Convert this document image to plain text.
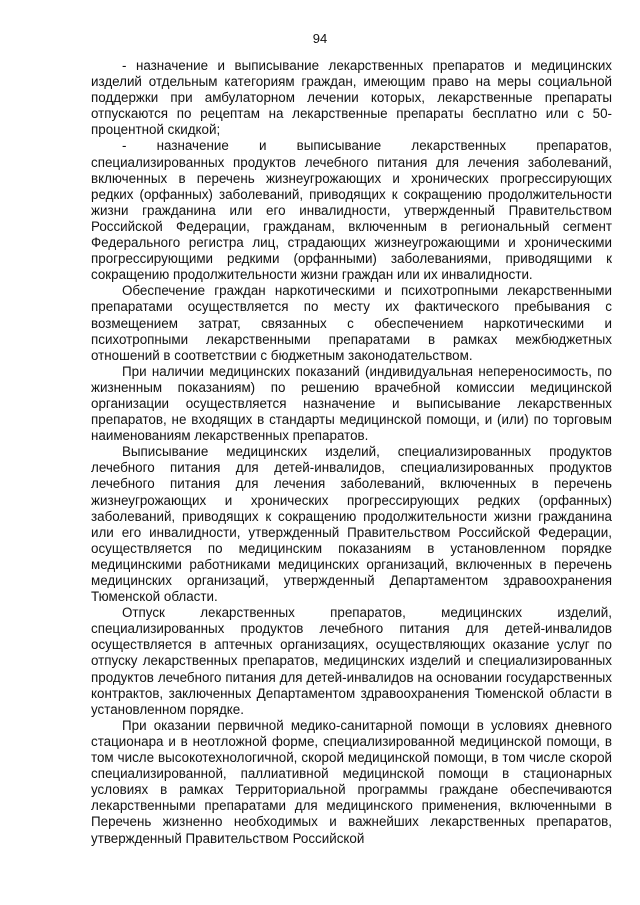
94

- назначение и выписывание лекарственных препаратов и медицинских изделий отдельным категориям граждан, имеющим право на меры социальной поддержки при амбулаторном лечении которых, лекарственные препараты отпускаются по рецептам на лекарственные препараты бесплатно или с 50-процентной скидкой;

- назначение и выписывание лекарственных препаратов, специализированных продуктов лечебного питания для лечения заболеваний, включенных в перечень жизнеугрожающих и хронических прогрессирующих редких (орфанных) заболеваний, приводящих к сокращению продолжительности жизни гражданина или его инвалидности, утвержденный Правительством Российской Федерации, гражданам, включенным в региональный сегмент Федерального регистра лиц, страдающих жизнеугрожающими и хроническими прогрессирующими редкими (орфанными) заболеваниями, приводящими к сокращению продолжительности жизни граждан или их инвалидности.

Обеспечение граждан наркотическими и психотропными лекарственными препаратами осуществляется по месту их фактического пребывания с возмещением затрат, связанных с обеспечением наркотическими и психотропными лекарственными препаратами в рамках межбюджетных отношений в соответствии с бюджетным законодательством.

При наличии медицинских показаний (индивидуальная непереносимость, по жизненным показаниям) по решению врачебной комиссии медицинской организации осуществляется назначение и выписывание лекарственных препаратов, не входящих в стандарты медицинской помощи, и (или) по торговым наименованиям лекарственных препаратов.

Выписывание медицинских изделий, специализированных продуктов лечебного питания для детей-инвалидов, специализированных продуктов лечебного питания для лечения заболеваний, включенных в перечень жизнеугрожающих и хронических прогрессирующих редких (орфанных) заболеваний, приводящих к сокращению продолжительности жизни гражданина или его инвалидности, утвержденный Правительством Российской Федерации, осуществляется по медицинским показаниям в установленном порядке медицинскими работниками медицинских организаций, включенных в перечень медицинских организаций, утвержденный Департаментом здравоохранения Тюменской области.

Отпуск лекарственных препаратов, медицинских изделий, специализированных продуктов лечебного питания для детей-инвалидов осуществляется в аптечных организациях, осуществляющих оказание услуг по отпуску лекарственных препаратов, медицинских изделий и специализированных продуктов лечебного питания для детей-инвалидов на основании государственных контрактов, заключенных Департаментом здравоохранения Тюменской области в установленном порядке.

При оказании первичной медико-санитарной помощи в условиях дневного стационара и в неотложной форме, специализированной медицинской помощи, в том числе высокотехнологичной, скорой медицинской помощи, в том числе скорой специализированной, паллиативной медицинской помощи в стационарных условиях в рамках Территориальной программы граждане обеспечиваются лекарственными препаратами для медицинского применения, включенными в Перечень жизненно необходимых и важнейших лекарственных препаратов, утвержденный Правительством Российской
